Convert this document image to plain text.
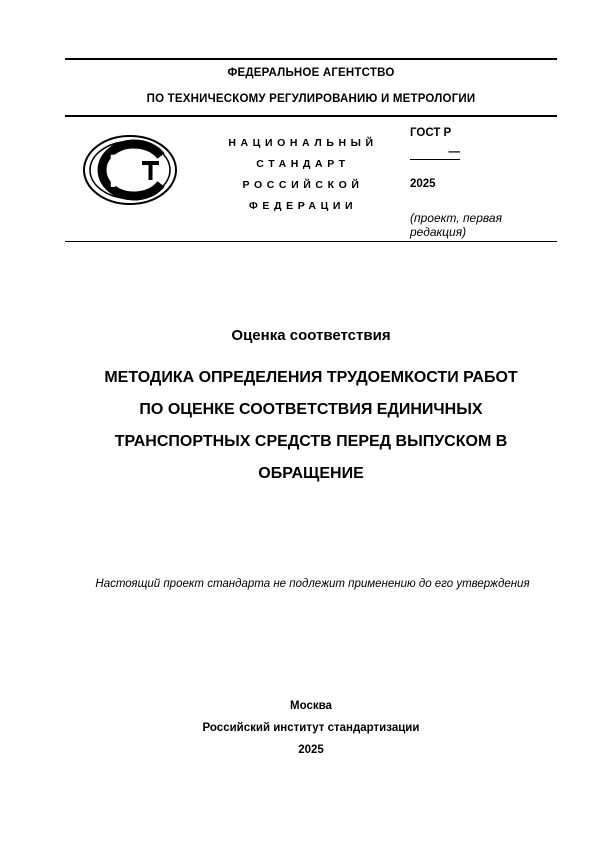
ФЕДЕРАЛЬНОЕ АГЕНТСТВО
ПО ТЕХНИЧЕСКОМУ РЕГУЛИРОВАНИЮ И МЕТРОЛОГИИ
НАЦИОНАЛЬНЫЙ
СТАНДАРТ
РОССИЙСКОЙ
ФЕДЕРАЦИИ
ГОСТ Р
—
2025
(проект, первая редакция)
Оценка соответствия
МЕТОДИКА ОПРЕДЕЛЕНИЯ ТРУДОЕМКОСТИ РАБОТ
ПО ОЦЕНКЕ СООТВЕТСТВИЯ ЕДИНИЧНЫХ
ТРАНСПОРТНЫХ СРЕДСТВ ПЕРЕД ВЫПУСКОМ В
ОБРАЩЕНИЕ
Настоящий проект стандарта не подлежит применению до его утверждения
Москва
Российский институт стандартизации
2025
